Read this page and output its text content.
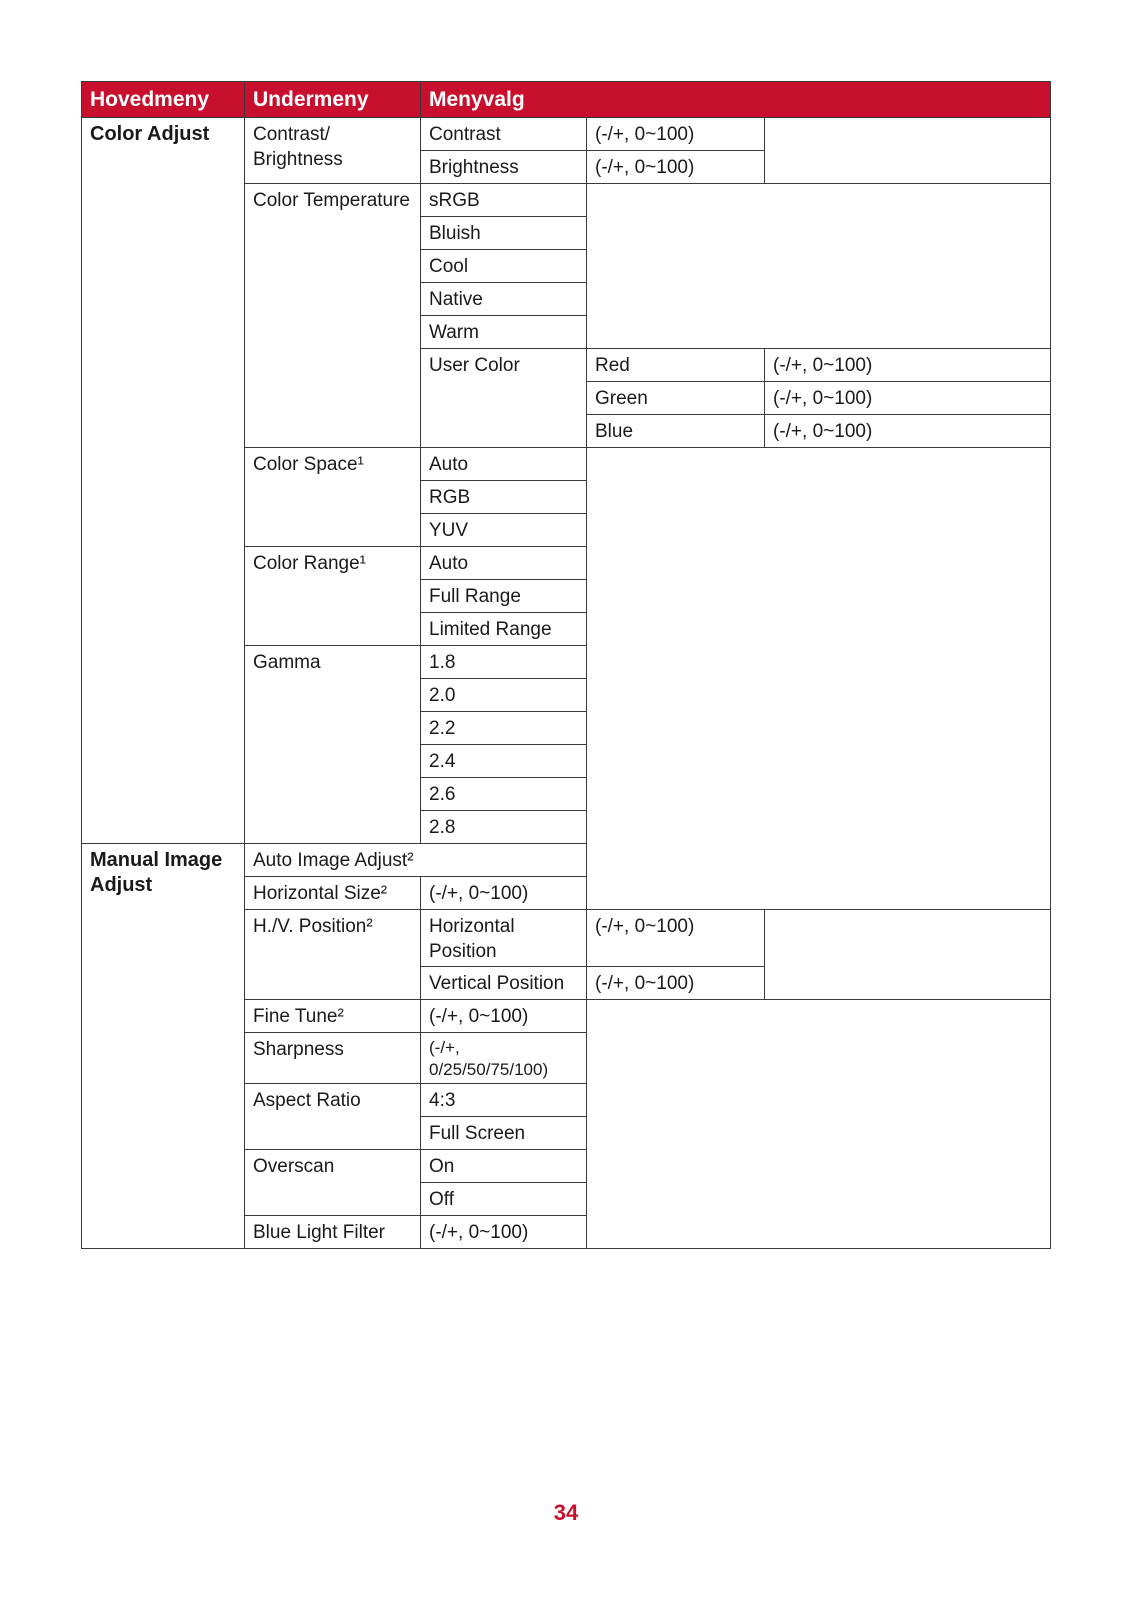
Hovedmeny	Undermeny	Menyvalg		
Color Adjust	Contrast/ Brightness	Contrast	(-/+, 0~100)	
		Brightness	(-/+, 0~100)	
	Color Temperature	sRGB		
		Bluish		
		Cool		
		Native		
		Warm		
		User Color	Red	(-/+, 0~100)
			Green	(-/+, 0~100)
			Blue	(-/+, 0~100)
	Color Space¹	Auto		
		RGB		
		YUV		
	Color Range¹	Auto		
		Full Range		
		Limited Range		
	Gamma	1.8		
		2.0		
		2.2		
		2.4		
		2.6		
		2.8		
Manual Image Adjust	Auto Image Adjust²			
	Horizontal Size²	(-/+, 0~100)		
	H./V. Position²	Horizontal Position	(-/+, 0~100)	
		Vertical Position	(-/+, 0~100)	
	Fine Tune²	(-/+, 0~100)		
	Sharpness	(-/+, 0/25/50/75/100)		
	Aspect Ratio	4:3		
		Full Screen		
	Overscan	On		
		Off		
	Blue Light Filter	(-/+, 0~100)		
34
